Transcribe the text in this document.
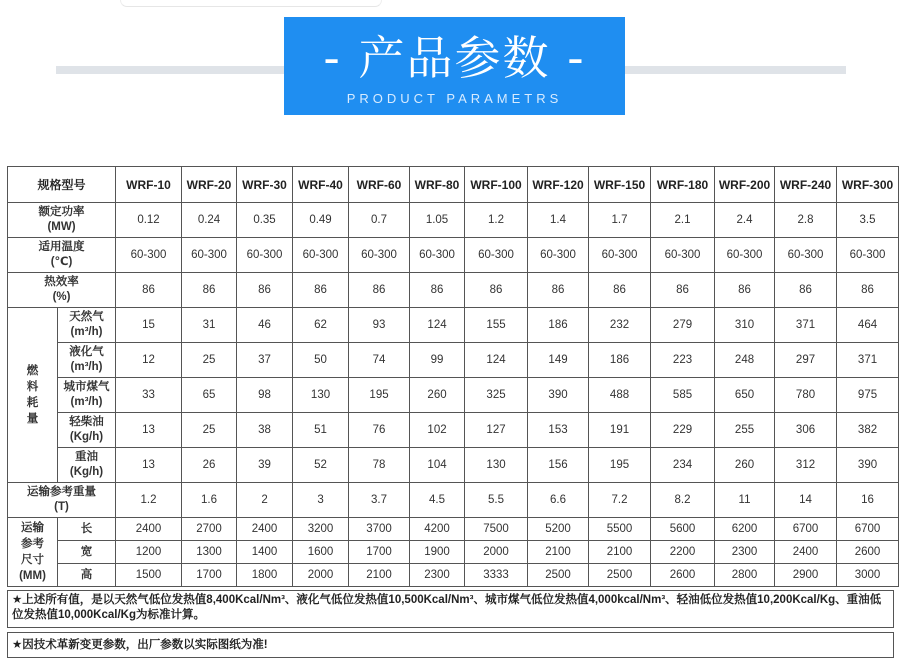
- 产品参数 -
PRODUCT PARAMETRS
规格型号		WRF-10	WRF-20	WRF-30	WRF-40	WRF-60	WRF-80	WRF-100	WRF-120	WRF-150	WRF-180	WRF-200	WRF-240	WRF-300

额定功率
(MW)		0.12	0.24	0.35	0.49	0.7	1.05	1.2	1.4	1.7	2.1	2.4	2.8	3.5

适用温度
(℃)		60-300	60-300	60-300	60-300	60-300	60-300	60-300	60-300	60-300	60-300	60-300	60-300	60-300

热效率
(%)		86	86	86	86	86	86	86	86	86	86	86	86	86

燃
料
耗
量	天然气
(m³/h)	15	31	46	62	93	124	155	186	232	279	310	371	464

	液化气
(m³/h)	12	25	37	50	74	99	124	149	186	223	248	297	371

	城市煤气
(m³/h)	33	65	98	130	195	260	325	390	488	585	650	780	975

	轻柴油
(Kg/h)	13	25	38	51	76	102	127	153	191	229	255	306	382

	重油
(Kg/h)	13	26	39	52	78	104	130	156	195	234	260	312	390

运输参考重量
(T)		1.2	1.6	2	3	3.7	4.5	5.5	6.6	7.2	8.2	11	14	16

运输
参考
尺寸
(MM)	长	2400	2700	2400	3200	3700	4200	7500	5200	5500	5600	6200	6700	6700
	宽	1200	1300	1400	1600	1700	1900	2000	2100	2100	2200	2300	2400	2600
	高	1500	1700	1800	2000	2100	2300	3333	2500	2500	2600	2800	2900	3000
★上述所有值，是以天然气低位发热值8,400Kcal/Nm³、液化气低位发热值10,500Kcal/Nm³、城市煤气低位发热值4,000kcal/Nm³、轻油低位发热值10,200Kcal/Kg、重油低位发热值10,000Kcal/Kg为标准计算。
★因技术革新变更参数，出厂参数以实际图纸为准!
